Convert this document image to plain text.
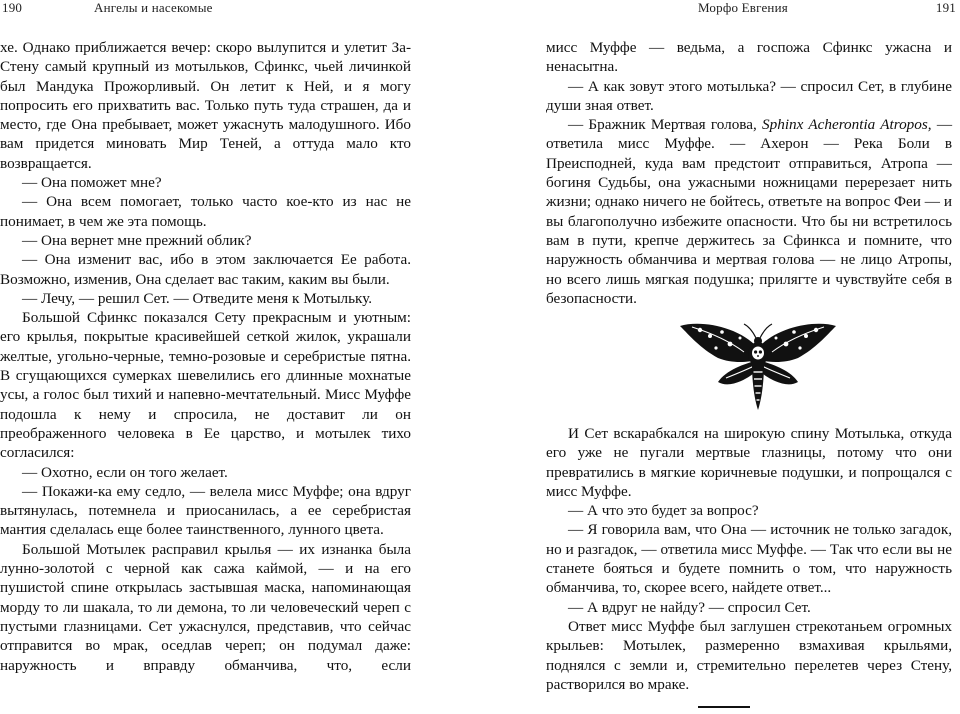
190	Ангелы и насекомые

хе. Однако приближается вечер: скоро вылупится и улетит За-Стену самый крупный из мотыльков, Сфинкс, чьей личинкой был Мандука Прожорливый. Он летит к Ней, и я могу попросить его прихватить вас. Только путь туда страшен, да и место, где Она пребывает, может ужаснуть малодушного. Ибо вам придется миновать Мир Теней, а оттуда мало кто возвращается.

— Она поможет мне?

— Она всем помогает, только часто кое-кто из нас не понимает, в чем же эта помощь.

— Она вернет мне прежний облик?

— Она изменит вас, ибо в этом заключается Ее работа. Возможно, изменив, Она сделает вас таким, каким вы были.

— Лечу, — решил Сет. — Отведите меня к Мотыльку.

Большой Сфинкс показался Сету прекрасным и уютным: его крылья, покрытые красивейшей сеткой жилок, украшали желтые, угольно-черные, темно-розовые и серебристые пятна. В сгущающихся сумерках шевелились его длинные мохнатые усы, а голос был тихий и напевно-мечтательный. Мисс Муффе подошла к нему и спросила, не доставит ли он преображенного человека в Ее царство, и мотылек тихо согласился:

— Охотно, если он того желает.

— Покажи-ка ему седло, — велела мисс Муффе; она вдруг вытянулась, потемнела и приосанилась, а ее серебристая мантия сделалась еще более таинственного, лунного цвета.

Большой Мотылек расправил крылья — их изнанка была лунно-золотой с черной как сажа каймой, — и на его пушистой спине открылась застывшая маска, напоминающая морду то ли шакала, то ли демона, то ли человеческий череп с пустыми глазницами. Сет ужаснулся, представив, что сейчас отправится во мрак, оседлав череп; он подумал даже: наружность и вправду обманчива, что, если

Морфо Евгения	191

мисс Муффе — ведьма, а госпожа Сфинкс ужасна и ненасытна.

— А как зовут этого мотылька? — спросил Сет, в глубине души зная ответ.

— Бражник Мертвая голова, Sphinx Acherontia Atropos, — ответила мисс Муффе. — Ахерон — Река Боли в Преисподней, куда вам предстоит отправиться, Атропа — богиня Судьбы, она ужасными ножницами перерезает нить жизни; однако ничего не бойтесь, ответьте на вопрос Феи — и вы благополучно избежите опасности. Что бы ни встретилось вам в пути, крепче держитесь за Сфинкса и помните, что наружность обманчива и мертвая голова — не лицо Атропы, но всего лишь мягкая подушка; прилягте и чувствуйте себя в безопасности.

И Сет вскарабкался на широкую спину Мотылька, откуда его уже не пугали мертвые глазницы, потому что они превратились в мягкие коричневые подушки, и попрощался с мисс Муффе.

— А что это будет за вопрос?

— Я говорила вам, что Она — источник не только загадок, но и разгадок, — ответила мисс Муффе. — Так что если вы не станете бояться и будете помнить о том, что наружность обманчива, то, скорее всего, найдете ответ...

— А вдруг не найду? — спросил Сет.

Ответ мисс Муффе был заглушен стрекотаньем огромных крыльев: Мотылек, размеренно взмахивая крыльями, поднялся с земли и, стремительно перелетев через Стену, растворился во мраке.
